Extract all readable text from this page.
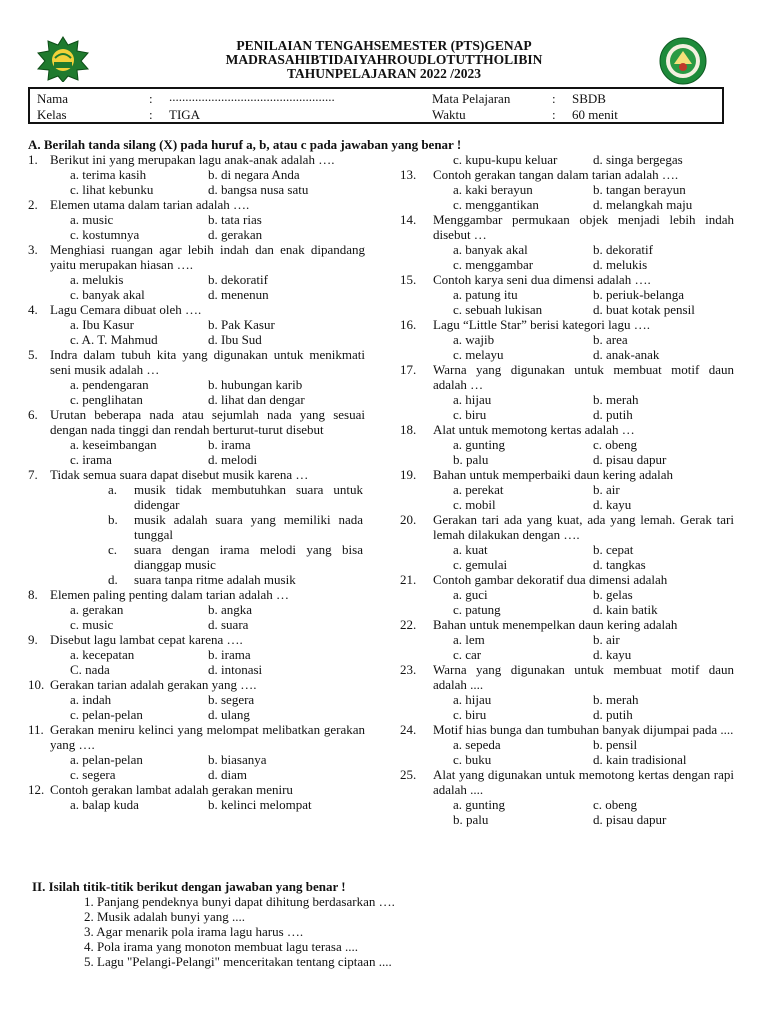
PENILAIAN TENGAHSEMESTER (PTS)GENAP
MADRASAHIBTIDAIYAHROUDLOTUTTHOLIBIN
TAHUNPELAJARAN 2022 /2023
Nama	: ...................................................
Kelas	: TIGA
Mata Pelajaran	: SBDB
Waktu	: 60 menit
A. Berilah tanda silang (X) pada huruf a, b, atau c pada jawaban yang benar !
1. Berikut ini yang merupakan lagu anak-anak adalah ….
a. terima kasih	b. di negara Anda
c. lihat kebunku	d. bangsa nusa satu
2. Elemen utama dalam tarian adalah ….
a. music	b. tata rias
c. kostumnya	d. gerakan
3. Menghiasi ruangan agar lebih indah dan enak dipandang yaitu merupakan hiasan ….
a. melukis	b. dekoratif
c. banyak akal	d. menenun
4. Lagu Cemara dibuat oleh ….
a. Ibu Kasur	b. Pak Kasur
c. A. T. Mahmud	d. Ibu Sud
5. Indra dalam tubuh kita yang digunakan untuk menikmati seni musik adalah …
a. pendengaran	b. hubungan karib
c. penglihatan	d. lihat dan dengar
6. Urutan beberapa nada atau sejumlah nada yang sesuai dengan nada tinggi dan rendah berturut-turut disebut
a. keseimbangan	b. irama
c. irama	d. melodi
7. Tidak semua suara dapat disebut musik karena …
a. musik tidak membutuhkan suara untuk didengar
b. musik adalah suara yang memiliki nada tunggal
c. suara dengan irama melodi yang bisa dianggap music
d. suara tanpa ritme adalah musik
8. Elemen paling penting dalam tarian adalah …
a. gerakan	b. angka
c. music	d. suara
9. Disebut lagu lambat cepat karena ….
a. kecepatan	b. irama
C. nada	d. intonasi
10. Gerakan tarian adalah gerakan yang ….
a. indah	b. segera
c. pelan-pelan	d. ulang
11. Gerakan meniru kelinci yang melompat melibatkan gerakan yang ….
a. pelan-pelan	b. biasanya
c. segera	d. diam
12. Contoh gerakan lambat adalah gerakan meniru
a. balap kuda	b. kelinci melompat
c. kupu-kupu keluar	d. singa bergegas
13. Contoh gerakan tangan dalam tarian adalah ….
a. kaki berayun	b. tangan berayun
c. menggantikan	d. melangkah maju
14. Menggambar permukaan objek menjadi lebih indah disebut …
a. banyak akal	b. dekoratif
c. menggambar	d. melukis
15. Contoh karya seni dua dimensi adalah ….
a. patung itu	b. periuk-belanga
c. sebuah lukisan	d. buat kotak pensil
16. Lagu “Little Star” berisi kategori lagu ….
a. wajib	b. area
c. melayu	d. anak-anak
17. Warna yang digunakan untuk membuat motif daun adalah …
a. hijau	b. merah
c. biru	d. putih
18. Alat untuk memotong kertas adalah …
a. gunting	c. obeng
b. palu	d. pisau dapur
19. Bahan untuk memperbaiki daun kering adalah
a. perekat	b. air
c. mobil	d. kayu
20. Gerakan tari ada yang kuat, ada yang lemah. Gerak tari lemah dilakukan dengan ….
a. kuat	b. cepat
c. gemulai	d. tangkas
21. Contoh gambar dekoratif dua dimensi adalah
a. guci	b. gelas
c. patung	d. kain batik
22. Bahan untuk menempelkan daun kering adalah
a. lem	b. air
c. car	d. kayu
23. Warna yang digunakan untuk membuat motif daun adalah ....
a. hijau	b. merah
c. biru	d. putih
24. Motif hias bunga dan tumbuhan banyak dijumpai pada ....
a. sepeda	b. pensil
c. buku	d. kain tradisional
25. Alat yang digunakan untuk memotong kertas dengan rapi adalah ....
a. gunting	c. obeng
b. palu	d. pisau dapur
II. Isilah titik-titik berikut dengan jawaban yang benar !
1. Panjang pendeknya bunyi dapat dihitung berdasarkan ….
2. Musik adalah bunyi yang ....
3. Agar menarik pola irama lagu harus ….
4. Pola irama yang monoton membuat lagu terasa ....
5. Lagu "Pelangi-Pelangi" menceritakan tentang ciptaan ....
